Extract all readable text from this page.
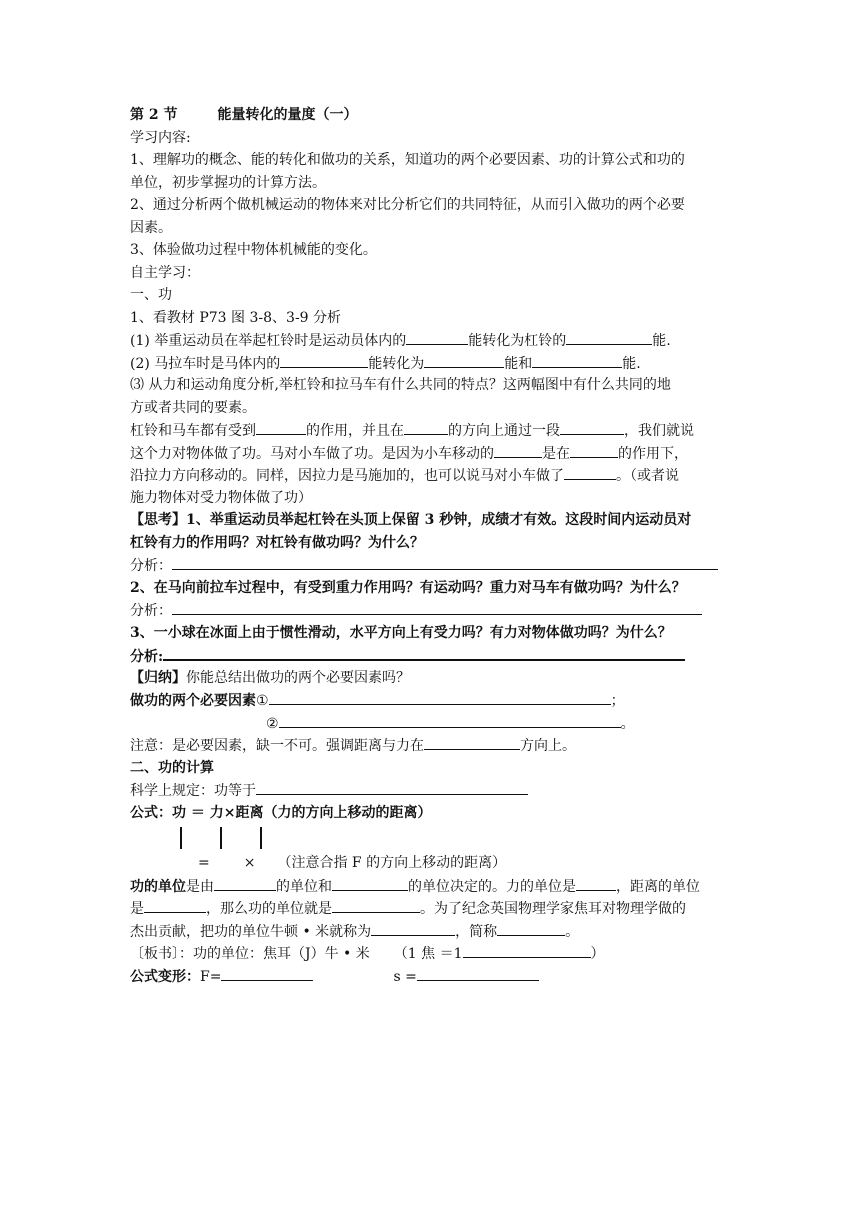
第 2 节	能量转化的量度（一）
学习内容:
1、理解功的概念、能的转化和做功的关系，知道功的两个必要因素、功的计算公式和功的
单位，初步掌握功的计算方法。
2、通过分析两个做机械运动的物体来对比分析它们的共同特征，从而引入做功的两个必要
因素。
3、体验做功过程中物体机械能的变化。
自主学习：
一、功
1、看教材 P73 图 3-8、3-9 分析
(1) 举重运动员在举起杠铃时是运动员体内的	能转化为杠铃的	能.
(2) 马拉车时是马体内的	能转化为	能和	能.
⑶ 从力和运动角度分析,举杠铃和拉马车有什么共同的特点？这两幅图中有什么共同的地
方或者共同的要素。
杠铃和马车都有受到	的作用，并且在	的方向上通过一段	，我们就说
这个力对物体做了功。马对小车做了功。是因为小车移动的	是在	的作用下，
沿拉力方向移动的。同样，因拉力是马施加的，也可以说马对小车做了	。（或者说
施力物体对受力物体做了功）
【思考】1、举重运动员举起杠铃在头顶上保留 3 秒钟，成绩才有效。这段时间内运动员对
杠铃有力的作用吗？对杠铃有做功吗？为什么？
分析：
2、在马向前拉车过程中，有受到重力作用吗？有运动吗？重力对马车有做功吗？为什么？
分析：
3、一小球在冰面上由于惯性滑动，水平方向上有受力吗？有力对物体做功吗？为什么？
分析:
【归纳】你能总结出做功的两个必要因素吗？
做功的两个必要因素①	；
②	。
注意：是必要因素，缺一不可。强调距离与力在	方向上。
二、功的计算
科学上规定：功等于
公式：功 ＝ 力×距离（力的方向上移动的距离）
= × （注意合指 F 的方向上移动的距离）
功的单位是由	的单位和	的单位决定的。力的单位是	，距离的单位
是	，那么功的单位就是	。为了纪念英国物理学家焦耳对物理学做的
杰出贡献，把功的单位牛顿 • 米就称为	，简称	。
〔板书〕：功的单位：焦耳（J）牛 • 米 （1 焦 ＝1	）
公式变形：F=	s =
